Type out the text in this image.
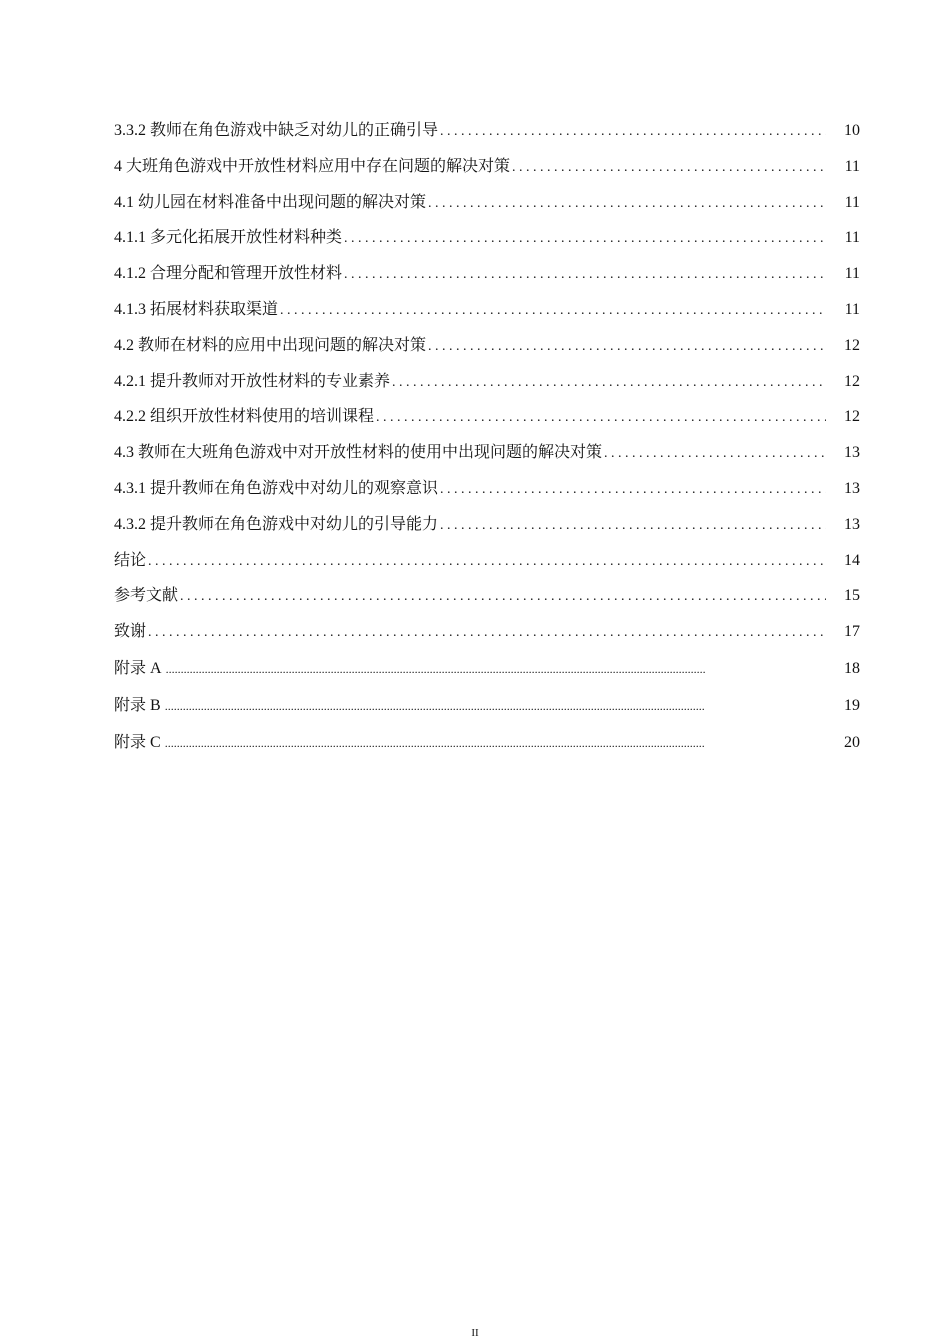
3.3.2 教师在角色游戏中缺乏对幼儿的正确引导 .....	10
4 大班角色游戏中开放性材料应用中存在问题的解决对策 .....	11
4.1 幼儿园在材料准备中出现问题的解决对策 .....	11
4.1.1 多元化拓展开放性材料种类 .....	11
4.1.2 合理分配和管理开放性材料 .....	11
4.1.3 拓展材料获取渠道 .....	11
4.2 教师在材料的应用中出现问题的解决对策 .....	12
4.2.1 提升教师对开放性材料的专业素养 .....	12
4.2.2 组织开放性材料使用的培训课程 .....	12
4.3 教师在大班角色游戏中对开放性材料的使用中出现问题的解决对策 .....	13
4.3.1 提升教师在角色游戏中对幼儿的观察意识 .....	13
4.3.2 提升教师在角色游戏中对幼儿的引导能力 .....	13
结论 .....	14
参考文献 .....	15
致谢 .....	17
附录 A .....	18
附录 B .....	19
附录 C .....	20
II
